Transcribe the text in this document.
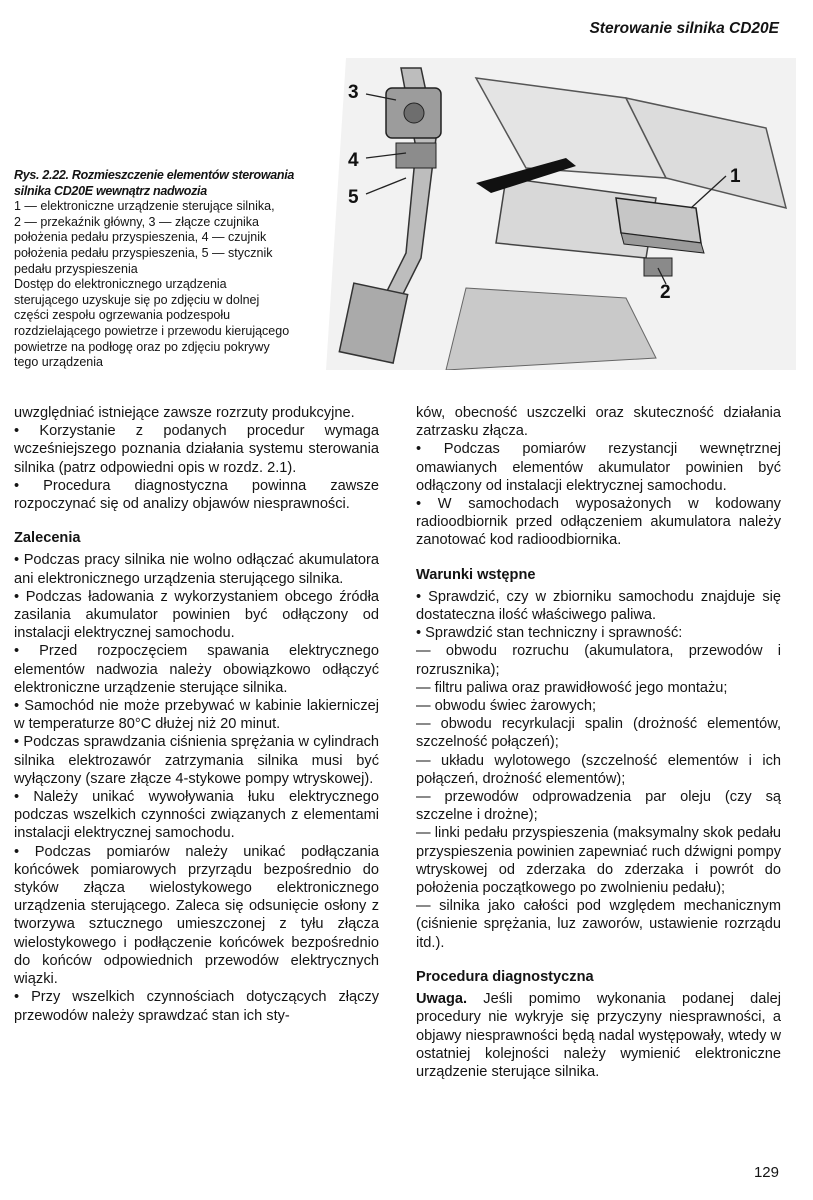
Sterowanie silnika CD20E
Rys. 2.22. Rozmieszczenie elementów sterowania silnika CD20E wewnątrz nadwozia
1 — elektroniczne urządzenie sterujące silnika,
2 — przekaźnik główny, 3 — złącze czujnika
położenia pedału przyspieszenia, 4 — czujnik
położenia pedału przyspieszenia, 5 — stycznik
pedału przyspieszenia
Dostęp do elektronicznego urządzenia
sterującego uzyskuje się po zdjęciu w dolnej
części zespołu ogrzewania podzespołu
rozdzielającego powietrze i przewodu kierującego
powietrze na podłogę oraz po zdjęciu pokrywy
tego urządzenia
3
4
5
1
2

uwzględniać istniejące zawsze rozrzuty produkcyjne.

• Korzystanie z podanych procedur wymaga wcześniejszego poznania działania systemu sterowania silnika (patrz odpowiedni opis w rozdz. 2.1).

• Procedura diagnostyczna powinna zawsze rozpoczynać się od analizy objawów niesprawności.

Zalecenia

• Podczas pracy silnika nie wolno odłączać akumulatora ani elektronicznego urządzenia sterującego silnika.

• Podczas ładowania z wykorzystaniem obcego źródła zasilania akumulator powinien być odłączony od instalacji elektrycznej samochodu.

• Przed rozpoczęciem spawania elektrycznego elementów nadwozia należy obowiązkowo odłączyć elektroniczne urządzenie sterujące silnika.

• Samochód nie może przebywać w kabinie lakierniczej w temperaturze 80°C dłużej niż 20 minut.

• Podczas sprawdzania ciśnienia sprężania w cylindrach silnika elektrozawór zatrzymania silnika musi być wyłączony (szare złącze 4-stykowe pompy wtryskowej).

• Należy unikać wywoływania łuku elektrycznego podczas wszelkich czynności związanych z elementami instalacji elektrycznej samochodu.

• Podczas pomiarów należy unikać podłączania końcówek pomiarowych przyrządu bezpośrednio do styków złącza wielostykowego elektronicznego urządzenia sterującego. Zaleca się odsunięcie osłony z tworzywa sztucznego umieszczonej z tyłu złącza wielostykowego i podłączenie końcówek bezpośrednio do końców odpowiednich przewodów elektrycznych wiązki.

• Przy wszelkich czynnościach dotyczących złączy przewodów należy sprawdzać stan ich sty-

ków, obecność uszczelki oraz skuteczność działania zatrzasku złącza.

• Podczas pomiarów rezystancji wewnętrznej omawianych elementów akumulator powinien być odłączony od instalacji elektrycznej samochodu.

• W samochodach wyposażonych w kodowany radioodbiornik przed odłączeniem akumulatora należy zanotować kod radioodbiornika.

Warunki wstępne

• Sprawdzić, czy w zbiorniku samochodu znajduje się dostateczna ilość właściwego paliwa.

• Sprawdzić stan techniczny i sprawność:

— obwodu rozruchu (akumulatora, przewodów i rozrusznika);

— filtru paliwa oraz prawidłowość jego montażu;

— obwodu świec żarowych;

— obwodu recyrkulacji spalin (drożność elementów, szczelność połączeń);

— układu wylotowego (szczelność elementów i ich połączeń, drożność elementów);

— przewodów odprowadzenia par oleju (czy są szczelne i drożne);

— linki pedału przyspieszenia (maksymalny skok pedału przyspieszenia powinien zapewniać ruch dźwigni pompy wtryskowej od zderzaka do zderzaka i powrót do położenia początkowego po zwolnieniu pedału);

— silnika jako całości pod względem mechanicznym (ciśnienie sprężania, luz zaworów, ustawienie rozrządu itd.).

Procedura diagnostyczna

Uwaga. Jeśli pomimo wykonania podanej dalej procedury nie wykryje się przyczyny niesprawności, a objawy niesprawności będą nadal występowały, wtedy w ostatniej kolejności należy wymienić elektroniczne urządzenie sterujące silnika.

129
